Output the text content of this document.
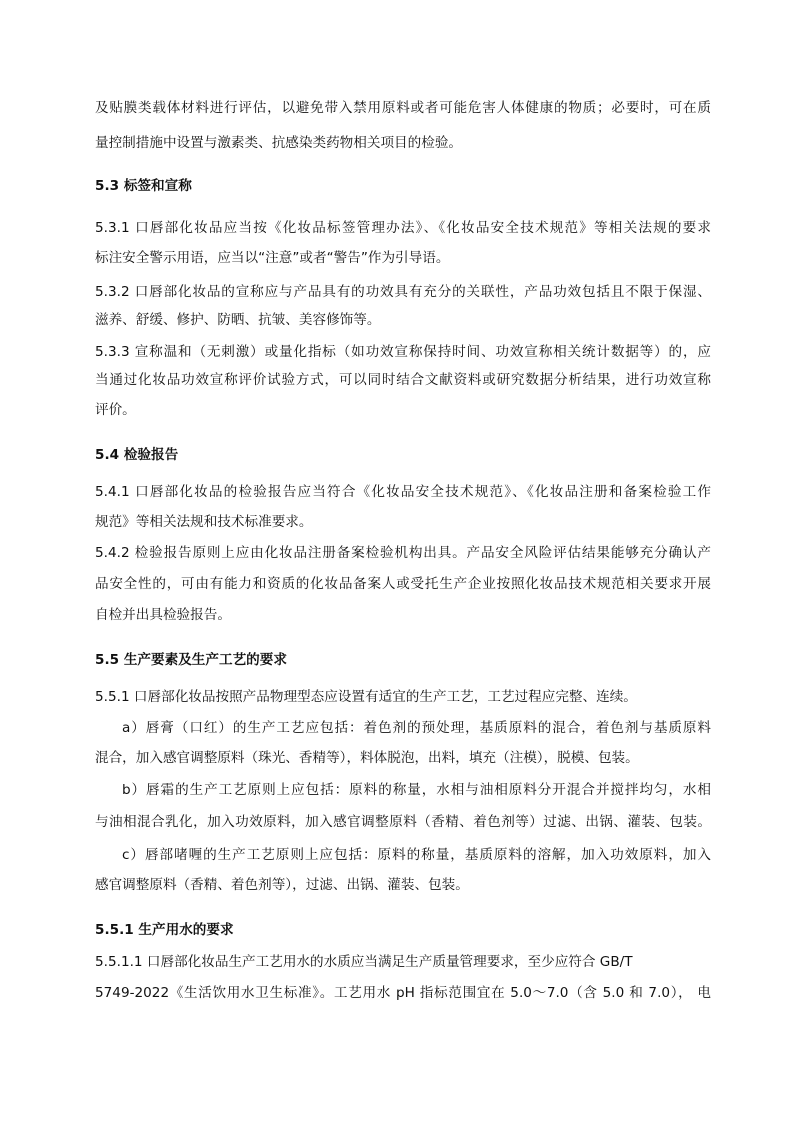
及贴膜类载体材料进行评估，以避免带入禁用原料或者可能危害人体健康的物质；必要时，可在质
量控制措施中设置与激素类、抗感染类药物相关项目的检验。
5.3 标签和宣称
5.3.1 口唇部化妆品应当按《化妆品标签管理办法》、《化妆品安全技术规范》等相关法规的要求
标注安全警示用语，应当以“注意”或者“警告”作为引导语。
5.3.2 口唇部化妆品的宣称应与产品具有的功效具有充分的关联性，产品功效包括且不限于保湿、
滋养、舒缓、修护、防晒、抗皱、美容修饰等。
5.3.3 宣称温和（无刺激）或量化指标（如功效宣称保持时间、功效宣称相关统计数据等）的，应
当通过化妆品功效宣称评价试验方式，可以同时结合文献资料或研究数据分析结果，进行功效宣称
评价。
5.4 检验报告
5.4.1 口唇部化妆品的检验报告应当符合《化妆品安全技术规范》、《化妆品注册和备案检验工作
规范》等相关法规和技术标准要求。
5.4.2 检验报告原则上应由化妆品注册备案检验机构出具。产品安全风险评估结果能够充分确认产
品安全性的，可由有能力和资质的化妆品备案人或受托生产企业按照化妆品技术规范相关要求开展
自检并出具检验报告。
5.5 生产要素及生产工艺的要求
5.5.1 口唇部化妆品按照产品物理型态应设置有适宜的生产工艺，工艺过程应完整、连续。
a）唇膏（口红）的生产工艺应包括：着色剂的预处理，基质原料的混合，着色剂与基质原料
混合，加入感官调整原料（珠光、香精等），料体脱泡，出料，填充（注模），脱模、包装。
b）唇霜的生产工艺原则上应包括：原料的称量，水相与油相原料分开混合并搅拌均匀，水相
与油相混合乳化，加入功效原料，加入感官调整原料（香精、着色剂等）过滤、出锅、灌装、包装。
c）唇部啫喱的生产工艺原则上应包括：原料的称量，基质原料的溶解，加入功效原料，加入
感官调整原料（香精、着色剂等），过滤、出锅、灌装、包装。
5.5.1 生产用水的要求
5.5.1.1 口唇部化妆品生产工艺用水的水质应当满足生产质量管理要求，至少应符合 GB/T
5749-2022《生活饮用水卫生标准》。工艺用水 pH 指标范围宜在 5.0～7.0（含 5.0 和 7.0）， 电
